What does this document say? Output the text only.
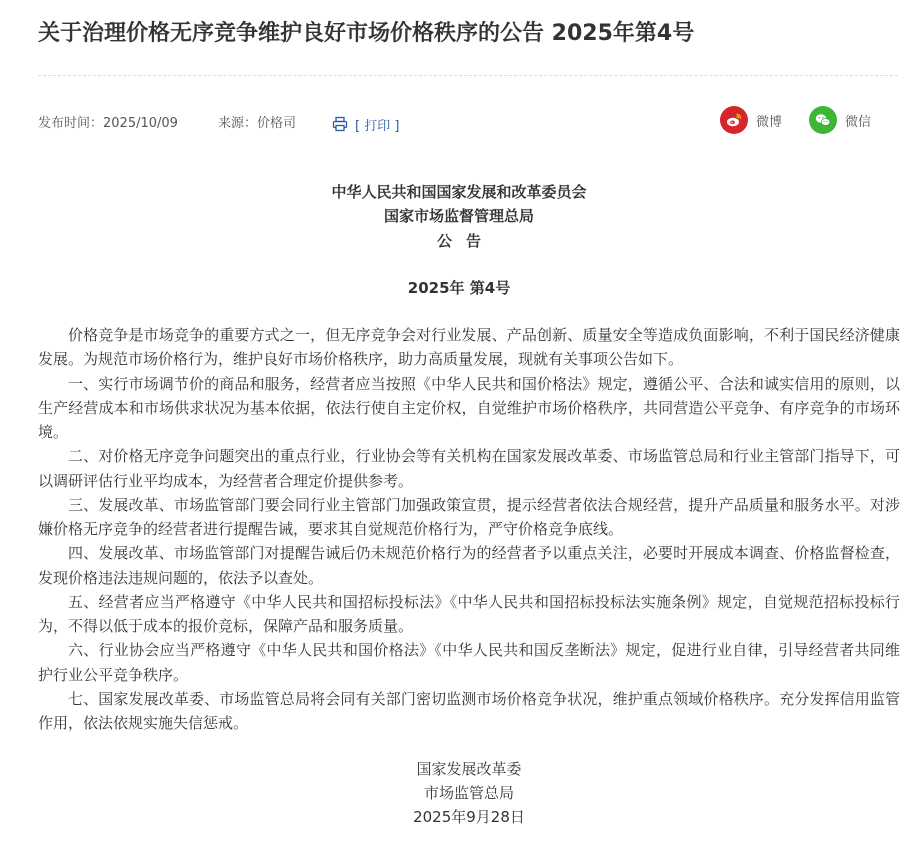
关于治理价格无序竞争维护良好市场价格秩序的公告 2025年第4号
发布时间：2025/10/09	来源：价格司	[ 打印 ]	微博	微信
中华人民共和国国家发展和改革委员会
国家市场监督管理总局
公告
2025年 第4号

价格竞争是市场竞争的重要方式之一，但无序竞争会对行业发展、产品创新、质量安全等造成负面影响，不利于国民经济健康发展。为规范市场价格行为，维护良好市场价格秩序，助力高质量发展，现就有关事项公告如下。

一、实行市场调节价的商品和服务，经营者应当按照《中华人民共和国价格法》规定，遵循公平、合法和诚实信用的原则，以生产经营成本和市场供求状况为基本依据，依法行使自主定价权，自觉维护市场价格秩序，共同营造公平竞争、有序竞争的市场环境。

二、对价格无序竞争问题突出的重点行业，行业协会等有关机构在国家发展改革委、市场监管总局和行业主管部门指导下，可以调研评估行业平均成本，为经营者合理定价提供参考。

三、发展改革、市场监管部门要会同行业主管部门加强政策宣贯，提示经营者依法合规经营，提升产品质量和服务水平。对涉嫌价格无序竞争的经营者进行提醒告诫，要求其自觉规范价格行为，严守价格竞争底线。

四、发展改革、市场监管部门对提醒告诫后仍未规范价格行为的经营者予以重点关注，必要时开展成本调查、价格监督检查，发现价格违法违规问题的，依法予以查处。

五、经营者应当严格遵守《中华人民共和国招标投标法》《中华人民共和国招标投标法实施条例》规定，自觉规范招标投标行为，不得以低于成本的报价竞标，保障产品和服务质量。

六、行业协会应当严格遵守《中华人民共和国价格法》《中华人民共和国反垄断法》规定，促进行业自律，引导经营者共同维护行业公平竞争秩序。

七、国家发展改革委、市场监管总局将会同有关部门密切监测市场价格竞争状况，维护重点领域价格秩序。充分发挥信用监管作用，依法依规实施失信惩戒。

国家发展改革委
市场监管总局
2025年9月28日
